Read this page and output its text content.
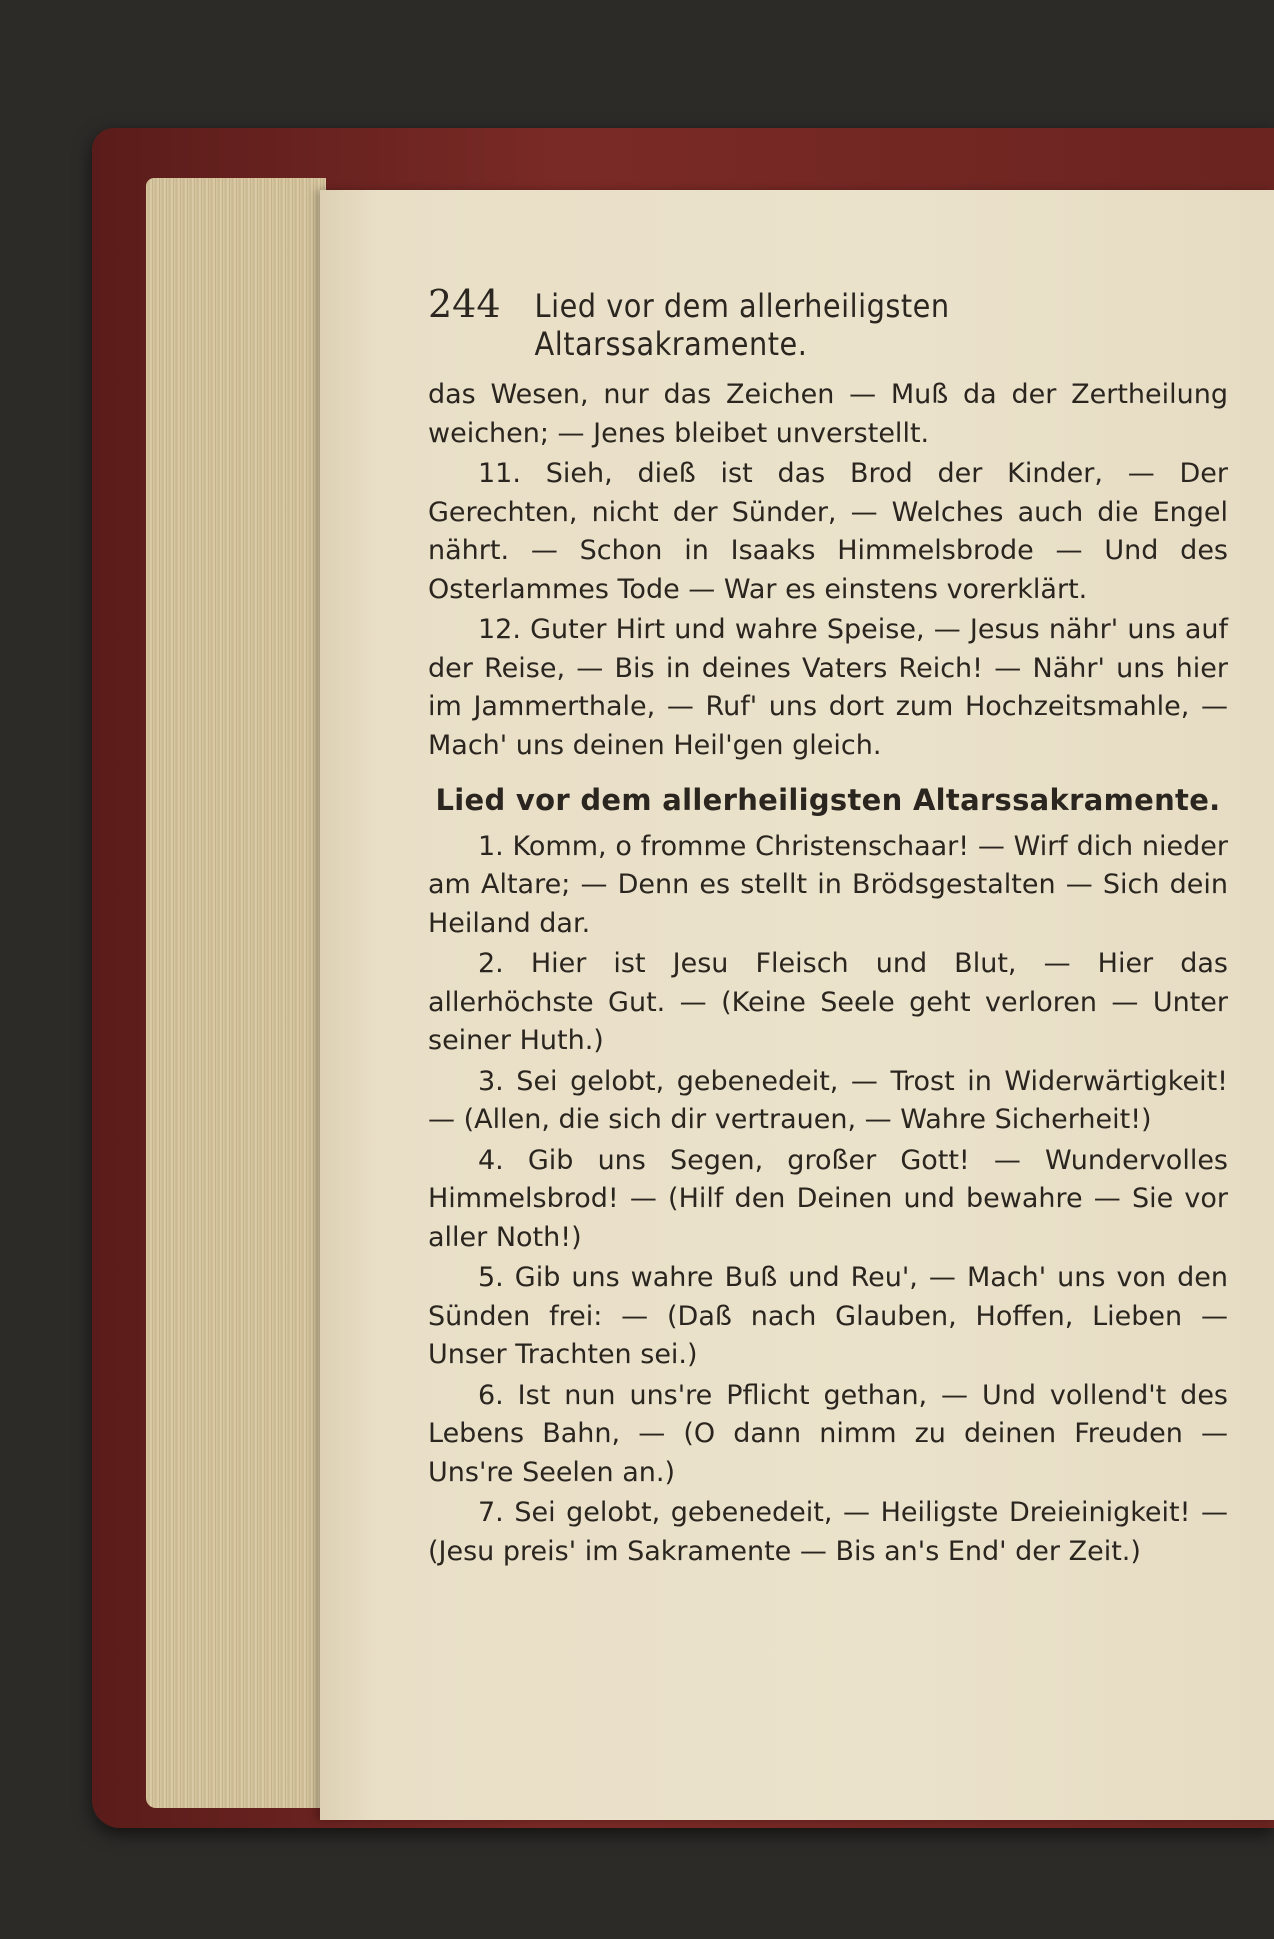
244 Lied vor dem allerheiligsten Altarssakramente.

das Wesen, nur das Zeichen — Muß da der Zertheilung weichen; — Jenes bleibet unverstellt.

11. Sieh, dieß ist das Brod der Kinder, — Der Gerechten, nicht der Sünder, — Welches auch die Engel nährt. — Schon in Isaaks Himmelsbrode — Und des Osterlammes Tode — War es einstens vorerklärt.

12. Guter Hirt und wahre Speise, — Jesus nähr' uns auf der Reise, — Bis in deines Vaters Reich! — Nähr' uns hier im Jammerthale, — Ruf' uns dort zum Hochzeitsmahle, — Mach' uns deinen Heil'gen gleich.

Lied vor dem allerheiligsten Altarssakramente.

1. Komm, o fromme Christenschaar! — Wirf dich nieder am Altare; — Denn es stellt in Brödsgestalten — Sich dein Heiland dar.

2. Hier ist Jesu Fleisch und Blut, — Hier das allerhöchste Gut. — (Keine Seele geht verloren — Unter seiner Huth.)

3. Sei gelobt, gebenedeit, — Trost in Widerwärtigkeit! — (Allen, die sich dir vertrauen, — Wahre Sicherheit!)

4. Gib uns Segen, großer Gott! — Wundervolles Himmelsbrod! — (Hilf den Deinen und bewahre — Sie vor aller Noth!)

5. Gib uns wahre Buß und Reu', — Mach' uns von den Sünden frei: — (Daß nach Glauben, Hoffen, Lieben — Unser Trachten sei.)

6. Ist nun uns're Pflicht gethan, — Und vollend't des Lebens Bahn, — (O dann nimm zu deinen Freuden — Uns're Seelen an.)

7. Sei gelobt, gebenedeit, — Heiligste Dreieinigkeit! — (Jesu preis' im Sakramente — Bis an's End' der Zeit.)
